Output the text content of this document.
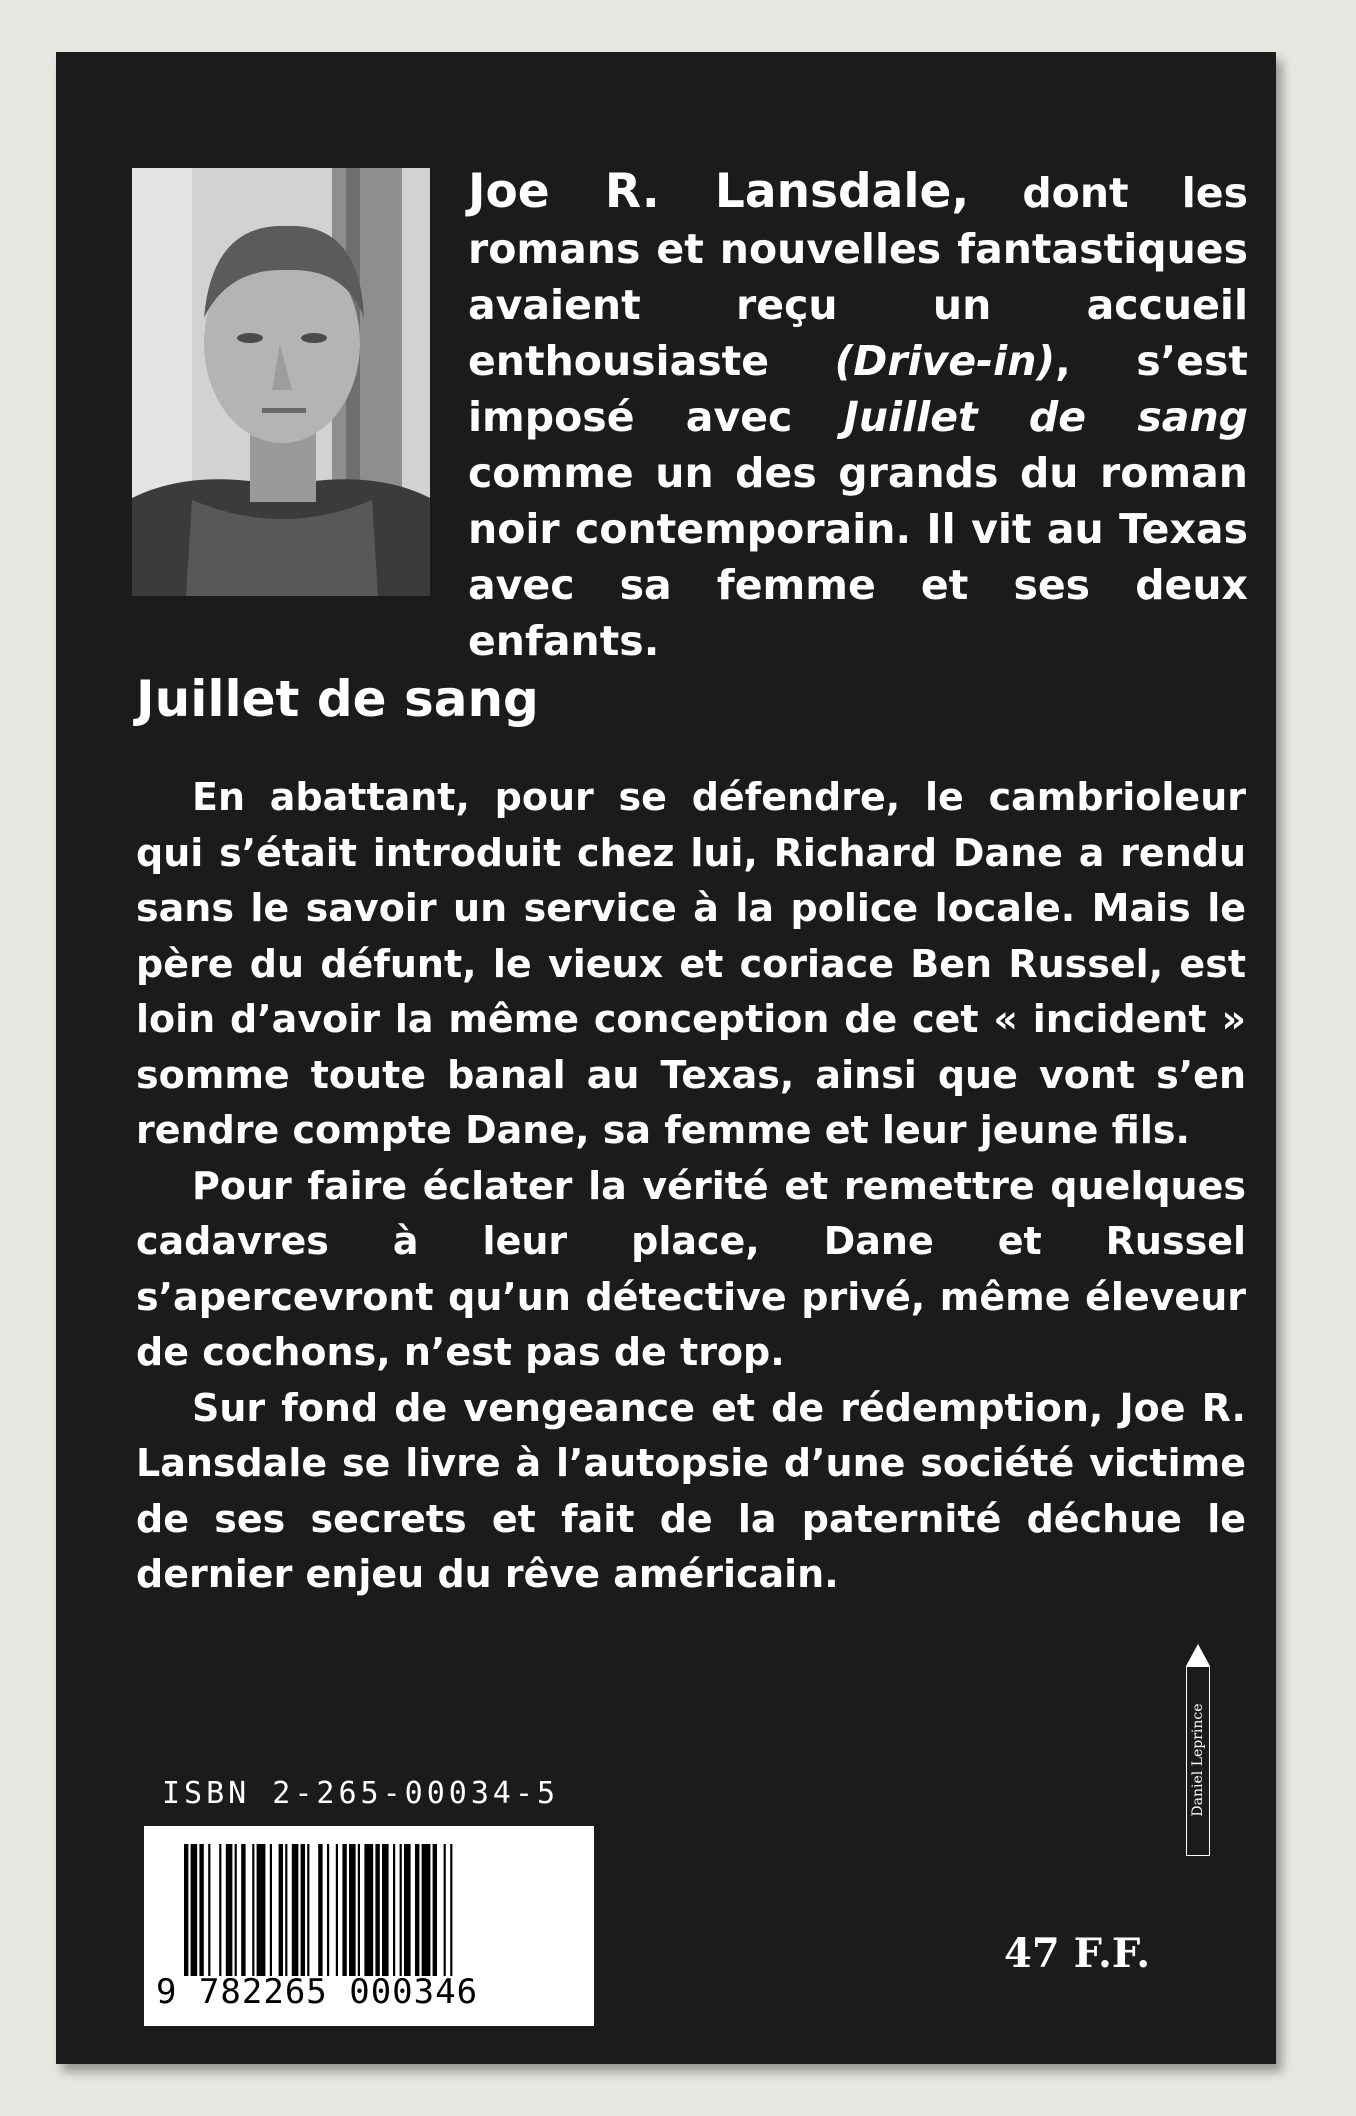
Joe R. Lansdale, dont les romans et nouvelles fantastiques avaient reçu un accueil enthousiaste (Drive-in), s’est imposé avec Juillet de sang comme un des grands du roman noir contemporain. Il vit au Texas avec sa femme et ses deux enfants.

Juillet de sang

En abattant, pour se défendre, le cambrioleur qui s’était introduit chez lui, Richard Dane a rendu sans le savoir un service à la police locale. Mais le père du défunt, le vieux et coriace Ben Russel, est loin d’avoir la même conception de cet « incident » somme toute banal au Texas, ainsi que vont s’en rendre compte Dane, sa femme et leur jeune fils.

Pour faire éclater la vérité et remettre quelques cadavres à leur place, Dane et Russel s’apercevront qu’un détective privé, même éleveur de cochons, n’est pas de trop.

Sur fond de vengeance et de rédemption, Joe R. Lansdale se livre à l’autopsie d’une société victime de ses secrets et fait de la paternité déchue le dernier enjeu du rêve américain.

Daniel Leprince
ISBN 2-265-00034-5
9 782265 000346
47 F.F.
